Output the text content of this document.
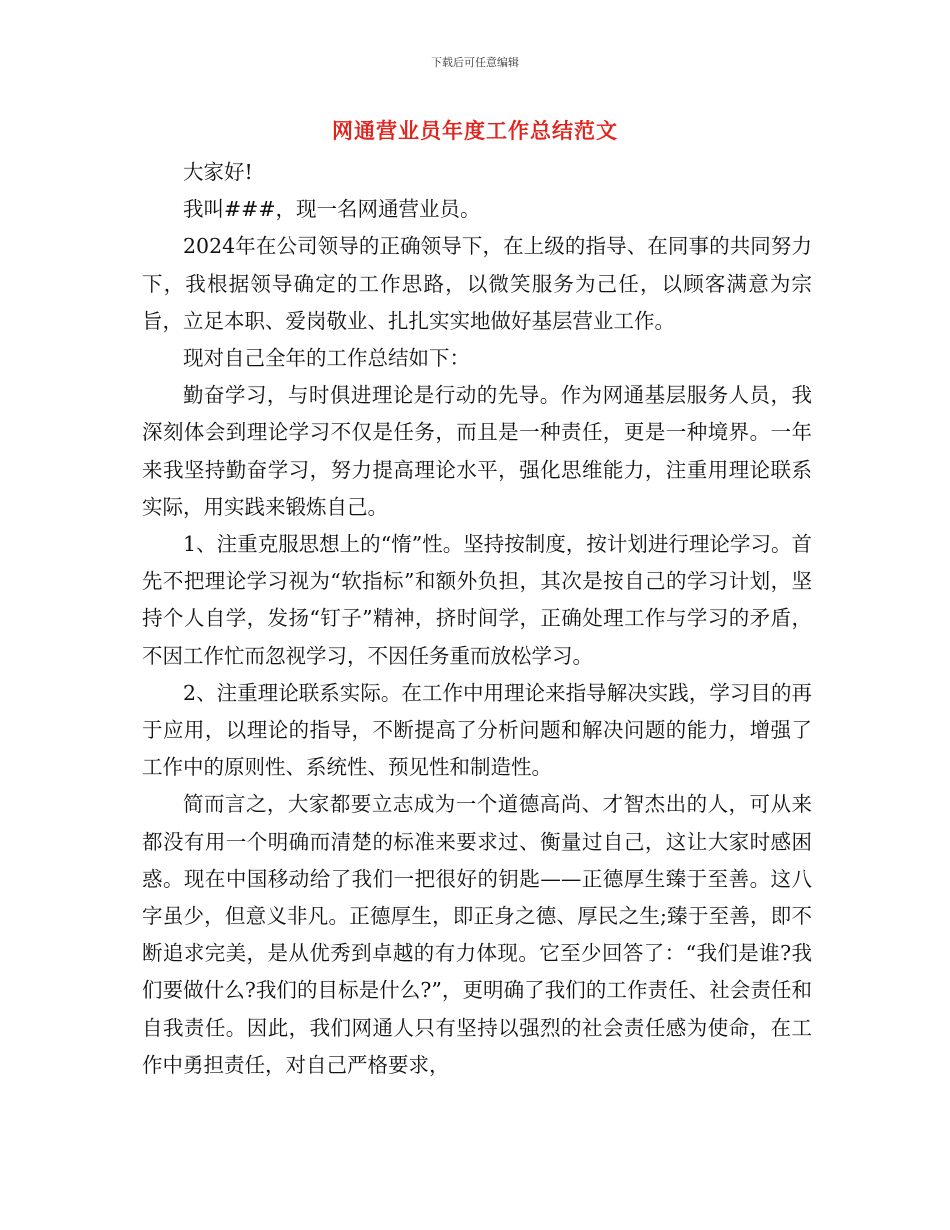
下载后可任意编辑
网通营业员年度工作总结范文

大家好!

我叫###，现一名网通营业员。

2024年在公司领导的正确领导下，在上级的指导、在同事的共同努力下，我根据领导确定的工作思路，以微笑服务为己任，以顾客满意为宗旨，立足本职、爱岗敬业、扎扎实实地做好基层营业工作。

现对自己全年的工作总结如下：

勤奋学习，与时俱进理论是行动的先导。作为网通基层服务人员，我深刻体会到理论学习不仅是任务，而且是一种责任，更是一种境界。一年来我坚持勤奋学习，努力提高理论水平，强化思维能力，注重用理论联系实际，用实践来锻炼自己。

1、注重克服思想上的“惰”性。坚持按制度，按计划进行理论学习。首先不把理论学习视为“软指标”和额外负担，其次是按自己的学习计划，坚持个人自学，发扬“钉子”精神，挤时间学，正确处理工作与学习的矛盾，不因工作忙而忽视学习，不因任务重而放松学习。

2、注重理论联系实际。在工作中用理论来指导解决实践，学习目的再于应用，以理论的指导，不断提高了分析问题和解决问题的能力，增强了工作中的原则性、系统性、预见性和制造性。

简而言之，大家都要立志成为一个道德高尚、才智杰出的人，可从来都没有用一个明确而清楚的标准来要求过、衡量过自己，这让大家时感困惑。现在中国移动给了我们一把很好的钥匙——正德厚生臻于至善。这八字虽少，但意义非凡。正德厚生，即正身之德、厚民之生;臻于至善，即不断追求完美，是从优秀到卓越的有力体现。它至少回答了：“我们是谁?我们要做什么?我们的目标是什么?”，更明确了我们的工作责任、社会责任和自我责任。因此，我们网通人只有坚持以强烈的社会责任感为使命，在工作中勇担责任，对自己严格要求，
